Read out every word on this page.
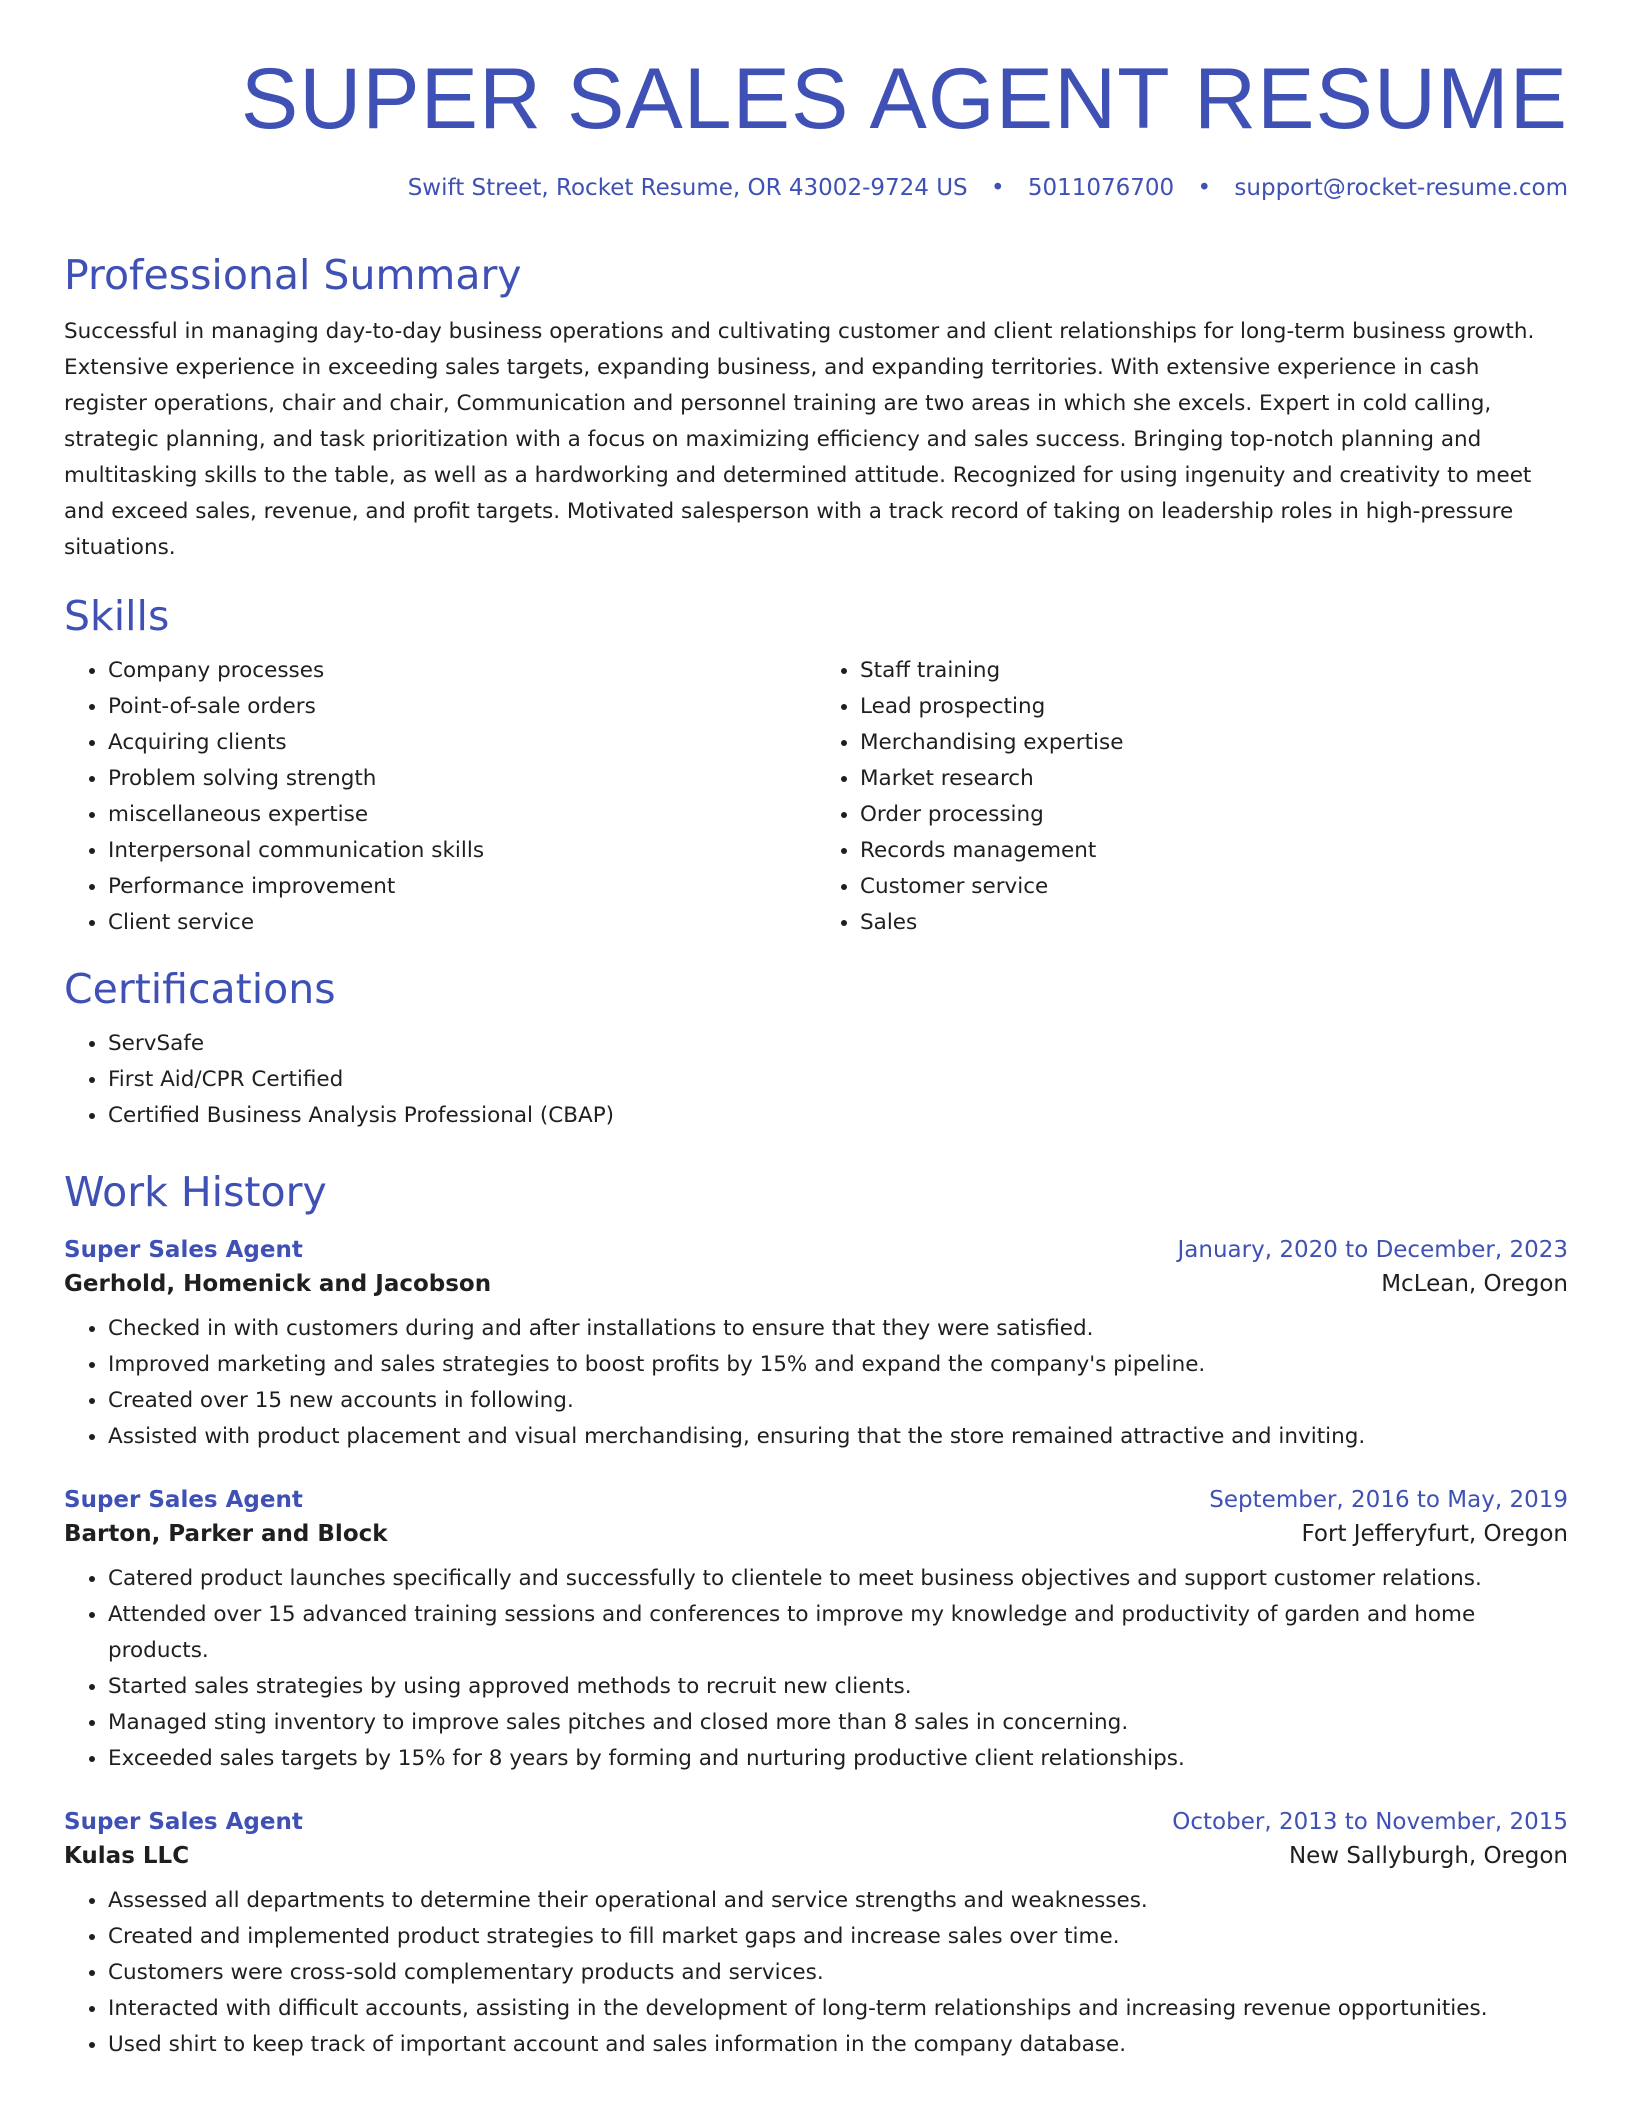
SUPER SALES AGENT RESUME
Swift Street, Rocket Resume, OR 43002-9724 US • 5011076700 • support@rocket-resume.com
Professional Summary

Successful in managing day-to-day business operations and cultivating customer and client relationships for long-term business growth. Extensive experience in exceeding sales targets, expanding business, and expanding territories. With extensive experience in cash register operations, chair and chair, Communication and personnel training are two areas in which she excels. Expert in cold calling, strategic planning, and task prioritization with a focus on maximizing efficiency and sales success. Bringing top-notch planning and multitasking skills to the table, as well as a hardworking and determined attitude. Recognized for using ingenuity and creativity to meet and exceed sales, revenue, and profit targets. Motivated salesperson with a track record of taking on leadership roles in high-pressure situations.

Skills
• Company processes
• Point-of-sale orders
• Acquiring clients
• Problem solving strength
• miscellaneous expertise
• Interpersonal communication skills
• Performance improvement
• Client service
• Staff training
• Lead prospecting
• Merchandising expertise
• Market research
• Order processing
• Records management
• Customer service
• Sales
Certifications
• ServSafe
• First Aid/CPR Certified
• Certified Business Analysis Professional (CBAP)
Work History
Super Sales Agent	January, 2020 to December, 2023
Gerhold, Homenick and Jacobson	McLean, Oregon
• Checked in with customers during and after installations to ensure that they were satisfied.
• Improved marketing and sales strategies to boost profits by 15% and expand the company's pipeline.
• Created over 15 new accounts in following.
• Assisted with product placement and visual merchandising, ensuring that the store remained attractive and inviting.
Super Sales Agent	September, 2016 to May, 2019
Barton, Parker and Block	Fort Jefferyfurt, Oregon
• Catered product launches specifically and successfully to clientele to meet business objectives and support customer relations.
• Attended over 15 advanced training sessions and conferences to improve my knowledge and productivity of garden and home products.
• Started sales strategies by using approved methods to recruit new clients.
• Managed sting inventory to improve sales pitches and closed more than 8 sales in concerning.
• Exceeded sales targets by 15% for 8 years by forming and nurturing productive client relationships.
Super Sales Agent	October, 2013 to November, 2015
Kulas LLC	New Sallyburgh, Oregon
• Assessed all departments to determine their operational and service strengths and weaknesses.
• Created and implemented product strategies to fill market gaps and increase sales over time.
• Customers were cross-sold complementary products and services.
• Interacted with difficult accounts, assisting in the development of long-term relationships and increasing revenue opportunities.
• Used shirt to keep track of important account and sales information in the company database.
